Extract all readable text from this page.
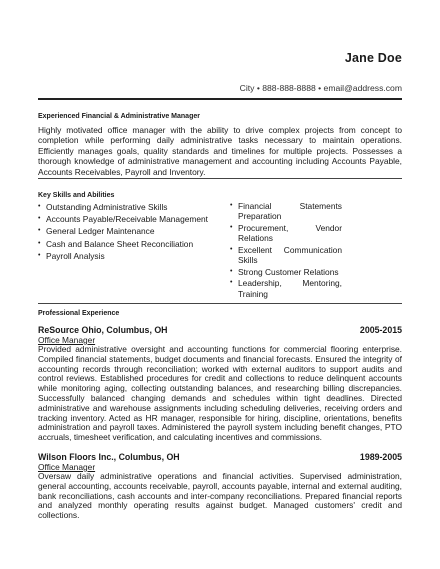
Jane Doe
City • 888-888-8888 • email@address.com
Experienced Financial & Administrative Manager
Highly motivated office manager with the ability to drive complex projects from concept to completion while performing daily administrative tasks necessary to maintain operations. Efficiently manages goals, quality standards and timelines for multiple projects. Possesses a thorough knowledge of administrative management and accounting including Accounts Payable, Accounts Receivables, Payroll and Inventory.
Key Skills and Abilities
• Outstanding Administrative Skills
• Accounts Payable/Receivable Management
• General Ledger Maintenance
• Cash and Balance Sheet Reconciliation
• Payroll Analysis
• Financial Statements Preparation
• Procurement, Vendor Relations
• Excellent Communication Skills
• Strong Customer Relations
• Leadership, Mentoring, Training
Professional Experience
ReSource Ohio, Columbus, OH	2005-2015
Office Manager
Provided administrative oversight and accounting functions for commercial flooring enterprise. Compiled financial statements, budget documents and financial forecasts. Ensured the integrity of accounting records through reconciliation; worked with external auditors to support audits and control reviews. Established procedures for credit and collections to reduce delinquent accounts while monitoring aging, collecting outstanding balances, and researching billing discrepancies. Successfully balanced changing demands and schedules within tight deadlines. Directed administrative and warehouse assignments including scheduling deliveries, receiving orders and tracking inventory. Acted as HR manager, responsible for hiring, discipline, orientations, benefits administration and payroll taxes. Administered the payroll system including benefit changes, PTO accruals, timesheet verification, and calculating incentives and commissions.
Wilson Floors Inc., Columbus, OH	1989-2005
Office Manager
Oversaw daily administrative operations and financial activities. Supervised administration, general accounting, accounts receivable, payroll, accounts payable, internal and external auditing, bank reconciliations, cash accounts and inter-company reconciliations. Prepared financial reports and analyzed monthly operating results against budget. Managed customers' credit and collections.
